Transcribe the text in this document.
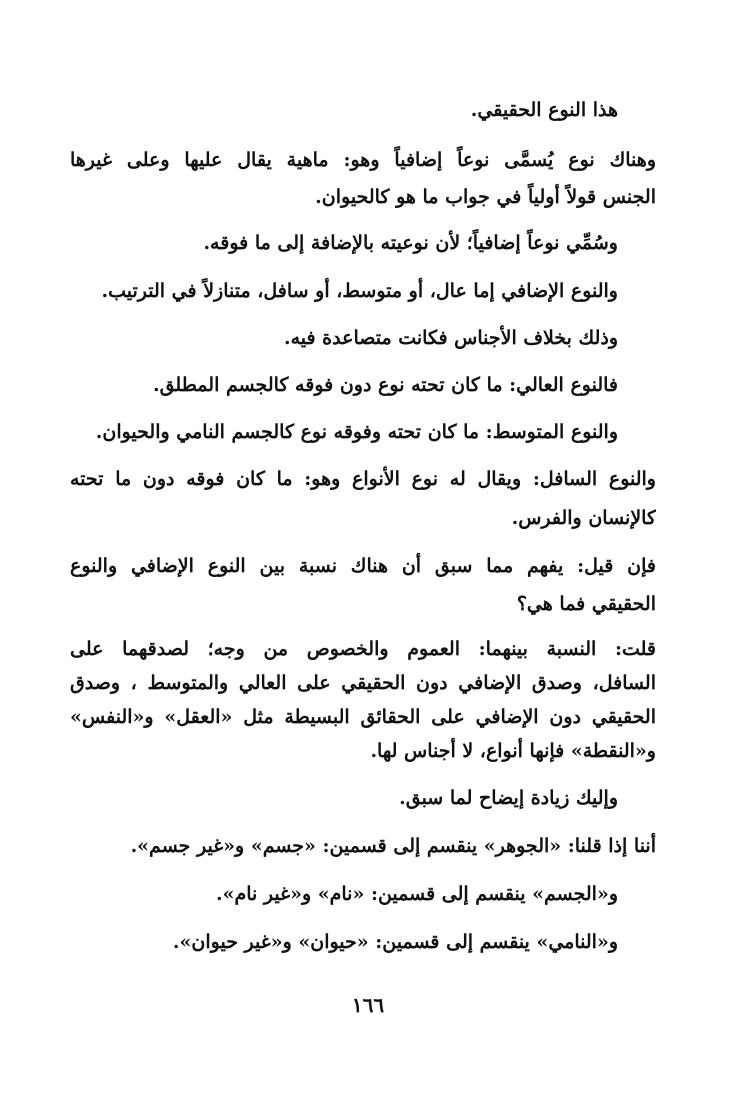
هذا النوع الحقيقي.
وهناك نوع يُسمَّى نوعاً إضافياً وهو: ماهية يقال عليها وعلى غيرها
الجنس قولاً أولياً في جواب ما هو كالحيوان.
وسُمِّي نوعاً إضافياً؛ لأن نوعيته بالإضافة إلى ما فوقه.
والنوع الإضافي إما عال، أو متوسط، أو سافل، متنازلاً في الترتيب.
وذلك بخلاف الأجناس فكانت متصاعدة فيه.
فالنوع العالي: ما كان تحته نوع دون فوقه كالجسم المطلق.
والنوع المتوسط: ما كان تحته وفوقه نوع كالجسم النامي والحيوان.
والنوع السافل: ويقال له نوع الأنواع وهو: ما كان فوقه دون ما تحته
كالإنسان والفرس.
فإن قيل: يفهم مما سبق أن هناك نسبة بين النوع الإضافي والنوع
الحقيقي فما هي؟
قلت: النسبة بينهما: العموم والخصوص من وجه؛ لصدقهما على
السافل، وصدق الإضافي دون الحقيقي على العالي والمتوسط ، وصدق
الحقيقي دون الإضافي على الحقائق البسيطة مثل «العقل» و«النفس»
و«النقطة» فإنها أنواع، لا أجناس لها.
وإليك زيادة إيضاح لما سبق.
أننا إذا قلنا: «الجوهر» ينقسم إلى قسمين: «جسم» و«غير جسم».
و«الجسم» ينقسم إلى قسمين: «نام» و«غير نام».
و«النامي» ينقسم إلى قسمين: «حيوان» و«غير حيوان».
١٦٦
